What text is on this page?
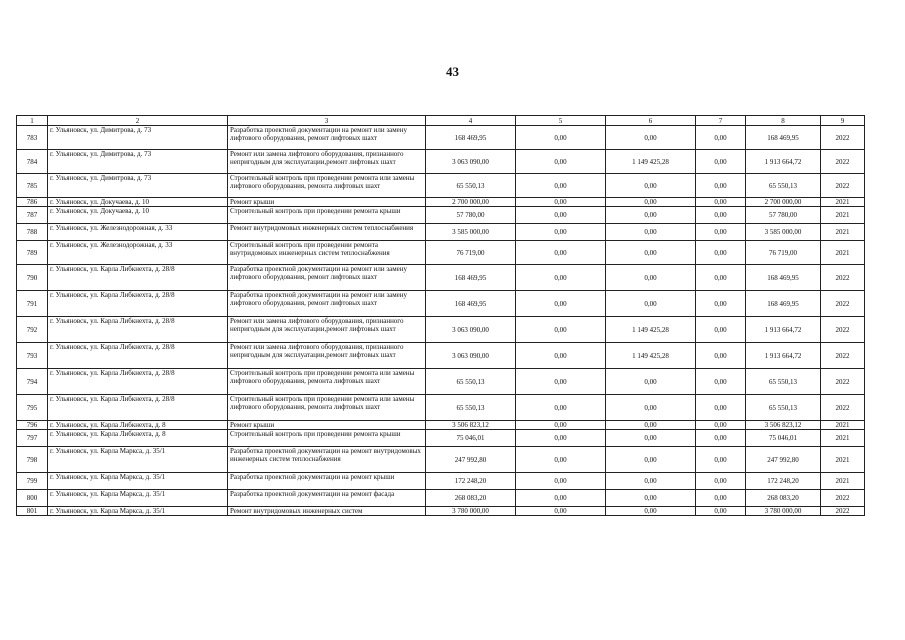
43
1	2	3	4	5	6	7	8	9
783	г. Ульяновск, ул. Димитрова, д. 73	Разработка проектной документации на ремонт или замену лифтового оборудования, ремонт лифтовых шахт	168 469,95	0,00	0,00	0,00	168 469,95	2022
784	г. Ульяновск, ул. Димитрова, д. 73	Ремонт или замена лифтового оборудования, признанного непригодным для эксплуатации,ремонт лифтовых шахт	3 063 090,00	0,00	1 149 425,28	0,00	1 913 664,72	2022
785	г. Ульяновск, ул. Димитрова, д. 73	Строительный контроль при проведении ремонта или замены лифтового оборудования, ремонта лифтовых шахт	65 550,13	0,00	0,00	0,00	65 550,13	2022
786	г. Ульяновск, ул. Докучаева, д. 10	Ремонт крыши	2 700 000,00	0,00	0,00	0,00	2 700 000,00	2021
787	г. Ульяновск, ул. Докучаева, д. 10	Строительный контроль при проведении ремонта крыши	57 780,00	0,00	0,00	0,00	57 780,00	2021
788	г. Ульяновск, ул. Железнодорожная, д. 33	Ремонт внутридомовых инженерных систем теплоснабжения	3 585 000,00	0,00	0,00	0,00	3 585 000,00	2021
789	г. Ульяновск, ул. Железнодорожная, д. 33	Строительный контроль при проведении ремонта внутридомовых инженерных систем теплоснабжения	76 719,00	0,00	0,00	0,00	76 719,00	2021
790	г. Ульяновск, ул. Карла Либкнехта, д. 28/8	Разработка проектной документации на ремонт или замену лифтового оборудования, ремонт лифтовых шахт	168 469,95	0,00	0,00	0,00	168 469,95	2022
791	г. Ульяновск, ул. Карла Либкнехта, д. 28/8	Разработка проектной документации на ремонт или замену лифтового оборудования, ремонт лифтовых шахт	168 469,95	0,00	0,00	0,00	168 469,95	2022
792	г. Ульяновск, ул. Карла Либкнехта, д. 28/8	Ремонт или замена лифтового оборудования, признанного непригодным для эксплуатации,ремонт лифтовых шахт	3 063 090,00	0,00	1 149 425,28	0,00	1 913 664,72	2022
793	г. Ульяновск, ул. Карла Либкнехта, д. 28/8	Ремонт или замена лифтового оборудования, признанного непригодным для эксплуатации,ремонт лифтовых шахт	3 063 090,00	0,00	1 149 425,28	0,00	1 913 664,72	2022
794	г. Ульяновск, ул. Карла Либкнехта, д. 28/8	Строительный контроль при проведении ремонта или замены лифтового оборудования, ремонта лифтовых шахт	65 550,13	0,00	0,00	0,00	65 550,13	2022
795	г. Ульяновск, ул. Карла Либкнехта, д. 28/8	Строительный контроль при проведении ремонта или замены лифтового оборудования, ремонта лифтовых шахт	65 550,13	0,00	0,00	0,00	65 550,13	2022
796	г. Ульяновск, ул. Карла Либкнехта, д. 8	Ремонт крыши	3 506 823,12	0,00	0,00	0,00	3 506 823,12	2021
797	г. Ульяновск, ул. Карла Либкнехта, д. 8	Строительный контроль при проведении ремонта крыши	75 046,01	0,00	0,00	0,00	75 046,01	2021
798	г. Ульяновск, ул. Карла Маркса, д. 35/1	Разработка проектной документации на ремонт внутридомовых инженерных систем теплоснабжения	247 992,80	0,00	0,00	0,00	247 992,80	2021
799	г. Ульяновск, ул. Карла Маркса, д. 35/1	Разработка проектной документации на ремонт крыши	172 248,20	0,00	0,00	0,00	172 248,20	2021
800	г. Ульяновск, ул. Карла Маркса, д. 35/1	Разработка проектной документации на ремонт фасада	268 083,20	0,00	0,00	0,00	268 083,20	2022
801	г. Ульяновск, ул. Карла Маркса, д. 35/1	Ремонт внутридомовых инженерных систем	3 780 000,00	0,00	0,00	0,00	3 780 000,00	2022
